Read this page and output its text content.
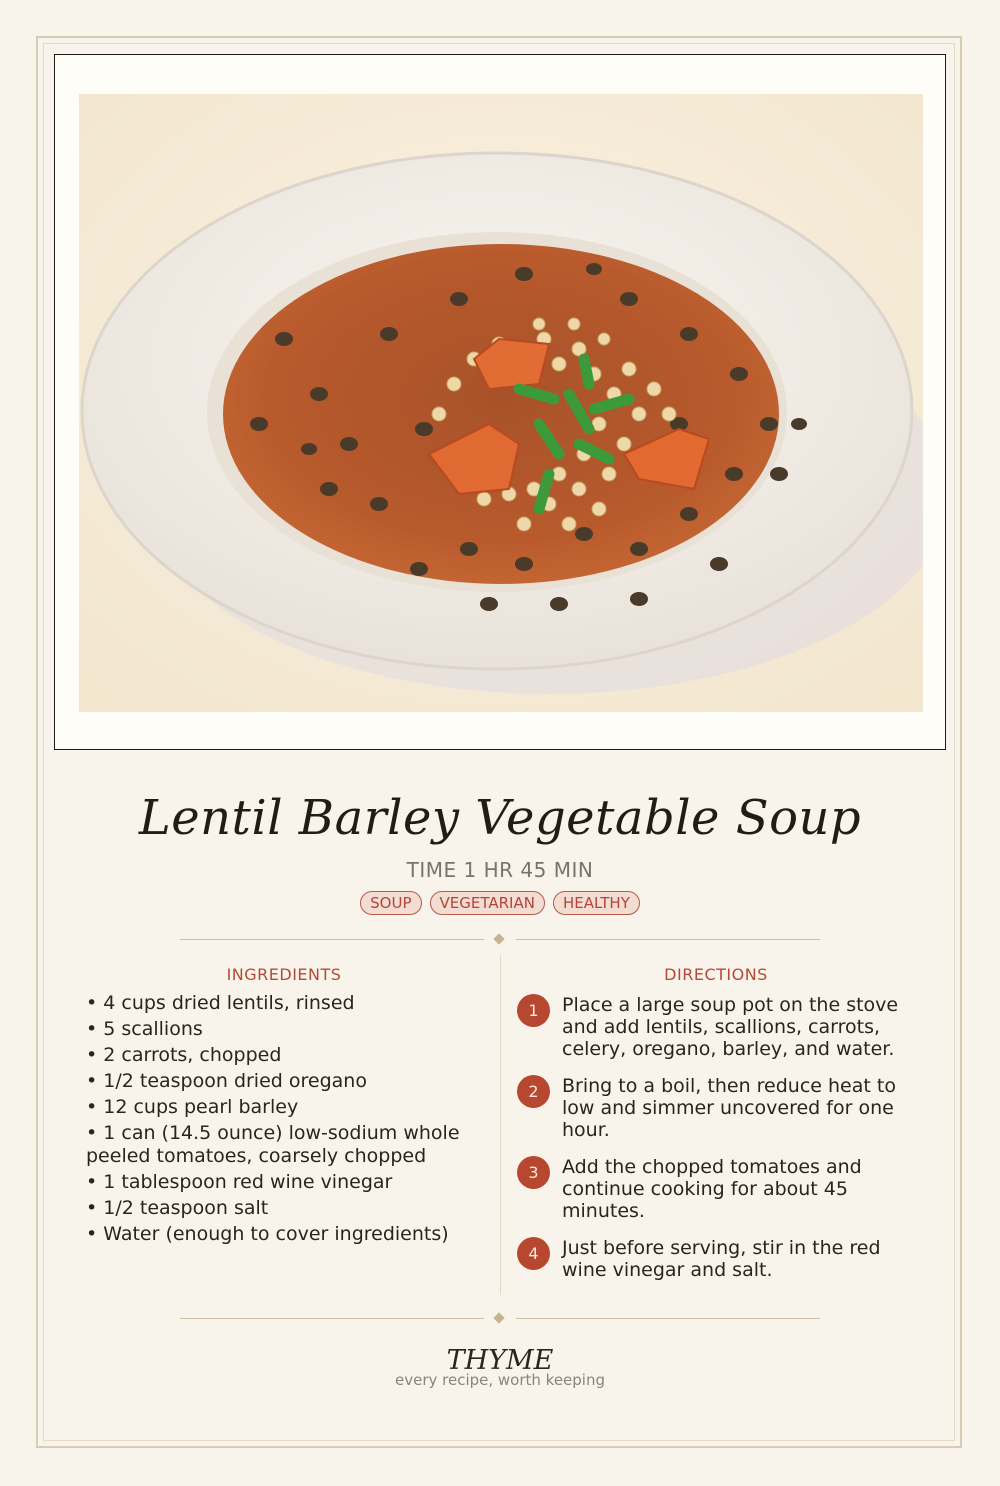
Lentil Barley Vegetable Soup
TIME 1 HR 45 MIN
SOUP	VEGETARIAN	HEALTHY
INGREDIENTS	DIRECTIONS
• 4 cups dried lentils, rinsed
• 5 scallions
• 2 carrots, chopped
• 1/2 teaspoon dried oregano
• 12 cups pearl barley
• 1 can (14.5 ounce) low-sodium whole peeled tomatoes, coarsely chopped
• 1 tablespoon red wine vinegar
• 1/2 teaspoon salt
• Water (enough to cover ingredients)
1	Place a large soup pot on the stove and add lentils, scallions, carrots, celery, oregano, barley, and water.
2	Bring to a boil, then reduce heat to low and simmer uncovered for one hour.
3	Add the chopped tomatoes and continue cooking for about 45 minutes.
4	Just before serving, stir in the red wine vinegar and salt.
THYME
every recipe, worth keeping
